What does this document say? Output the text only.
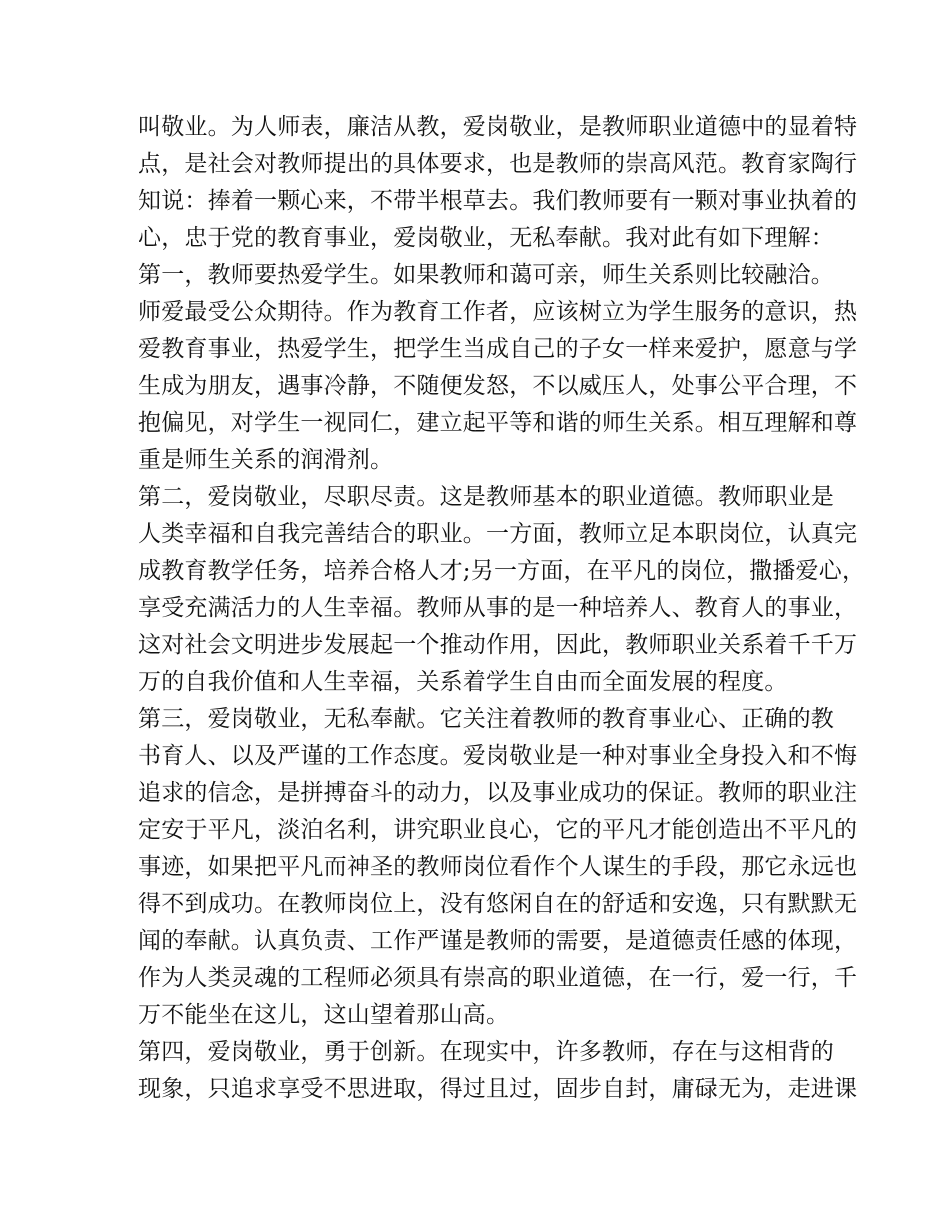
叫敬业。为人师表，廉洁从教，爱岗敬业，是教师职业道德中的显着特
点，是社会对教师提出的具体要求，也是教师的崇高风范。教育家陶行
知说：捧着一颗心来，不带半根草去。我们教师要有一颗对事业执着的
心，忠于党的教育事业，爱岗敬业，无私奉献。我对此有如下理解：
第一，教师要热爱学生。如果教师和蔼可亲，师生关系则比较融洽。
师爱最受公众期待。作为教育工作者，应该树立为学生服务的意识，热
爱教育事业，热爱学生，把学生当成自己的子女一样来爱护，愿意与学
生成为朋友，遇事冷静，不随便发怒，不以威压人，处事公平合理，不
抱偏见，对学生一视同仁，建立起平等和谐的师生关系。相互理解和尊
重是师生关系的润滑剂。
第二，爱岗敬业，尽职尽责。这是教师基本的职业道德。教师职业是
人类幸福和自我完善结合的职业。一方面，教师立足本职岗位，认真完
成教育教学任务，培养合格人才;另一方面，在平凡的岗位，撒播爱心，
享受充满活力的人生幸福。教师从事的是一种培养人、教育人的事业，
这对社会文明进步发展起一个推动作用，因此，教师职业关系着千千万
万的自我价值和人生幸福，关系着学生自由而全面发展的程度。
第三，爱岗敬业，无私奉献。它关注着教师的教育事业心、正确的教
书育人、以及严谨的工作态度。爱岗敬业是一种对事业全身投入和不悔
追求的信念，是拼搏奋斗的动力，以及事业成功的保证。教师的职业注
定安于平凡，淡泊名利，讲究职业良心，它的平凡才能创造出不平凡的
事迹，如果把平凡而神圣的教师岗位看作个人谋生的手段，那它永远也
得不到成功。在教师岗位上，没有悠闲自在的舒适和安逸，只有默默无
闻的奉献。认真负责、工作严谨是教师的需要，是道德责任感的体现，
作为人类灵魂的工程师必须具有崇高的职业道德，在一行，爱一行，千
万不能坐在这儿，这山望着那山高。
第四，爱岗敬业，勇于创新。在现实中，许多教师，存在与这相背的
现象，只追求享受不思进取，得过且过，固步自封，庸碌无为，走进课
